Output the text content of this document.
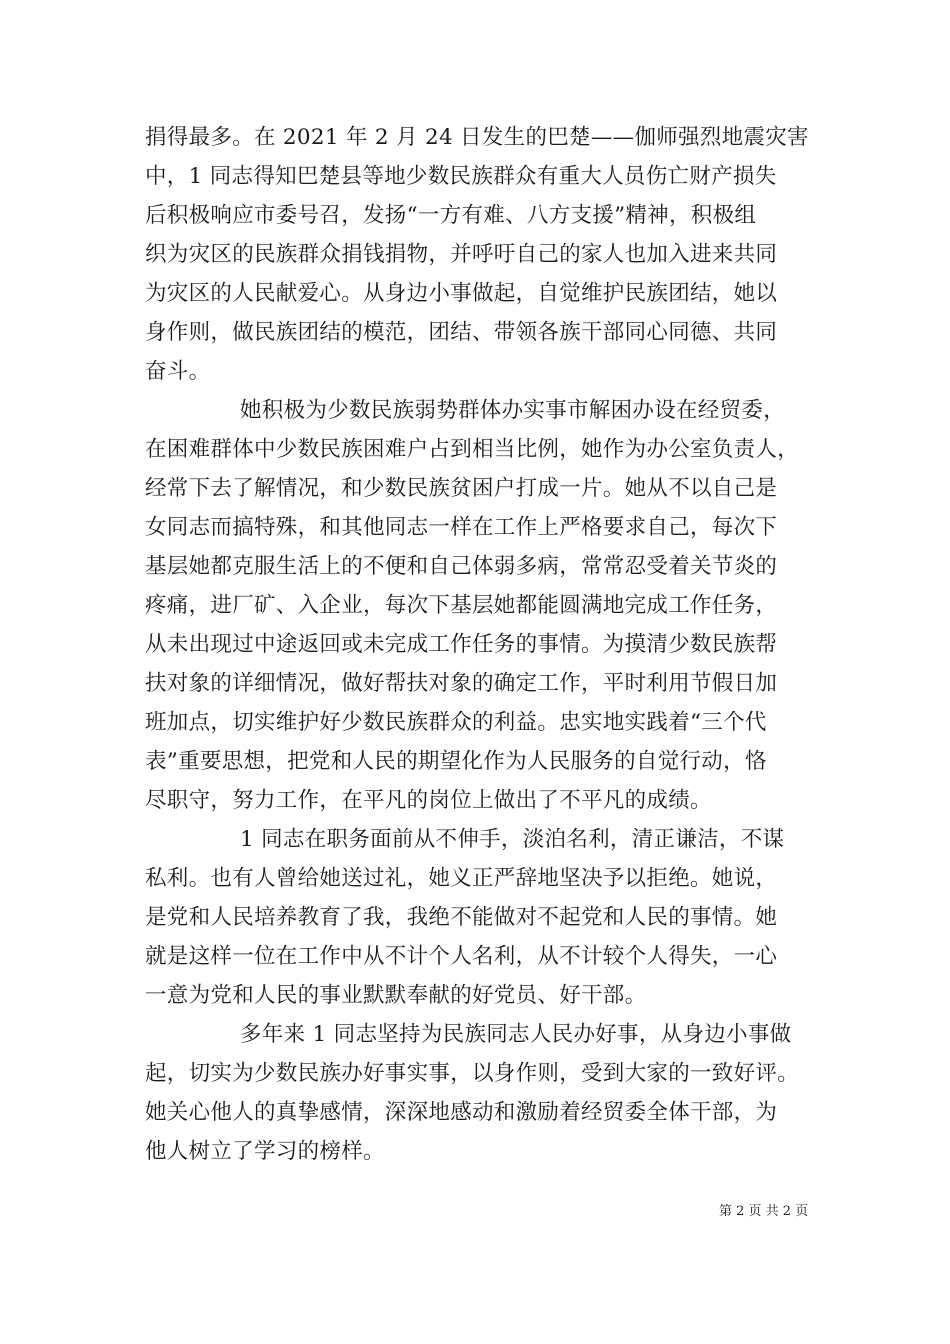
捐得最多。在 2021 年 2 月 24 日发生的巴楚——伽师强烈地震灾害
中，1 同志得知巴楚县等地少数民族群众有重大人员伤亡财产损失
后积极响应市委号召，发扬“一方有难、八方支援”精神，积极组
织为灾区的民族群众捐钱捐物，并呼吁自己的家人也加入进来共同
为灾区的人民献爱心。从身边小事做起，自觉维护民族团结，她以
身作则，做民族团结的模范，团结、带领各族干部同心同德、共同
奋斗。
她积极为少数民族弱势群体办实事市解困办设在经贸委，
在困难群体中少数民族困难户占到相当比例，她作为办公室负责人，
经常下去了解情况，和少数民族贫困户打成一片。她从不以自己是
女同志而搞特殊，和其他同志一样在工作上严格要求自己，每次下
基层她都克服生活上的不便和自己体弱多病，常常忍受着关节炎的
疼痛，进厂矿、入企业，每次下基层她都能圆满地完成工作任务，
从未出现过中途返回或未完成工作任务的事情。为摸清少数民族帮
扶对象的详细情况，做好帮扶对象的确定工作，平时利用节假日加
班加点，切实维护好少数民族群众的利益。忠实地实践着“三个代
表”重要思想，把党和人民的期望化作为人民服务的自觉行动，恪
尽职守，努力工作，在平凡的岗位上做出了不平凡的成绩。
1 同志在职务面前从不伸手，淡泊名利，清正谦洁，不谋
私利。也有人曾给她送过礼，她义正严辞地坚决予以拒绝。她说，
是党和人民培养教育了我，我绝不能做对不起党和人民的事情。她
就是这样一位在工作中从不计个人名利，从不计较个人得失，一心
一意为党和人民的事业默默奉献的好党员、好干部。
多年来 1 同志坚持为民族同志人民办好事，从身边小事做
起，切实为少数民族办好事实事，以身作则，受到大家的一致好评。
她关心他人的真挚感情，深深地感动和激励着经贸委全体干部，为
他人树立了学习的榜样。
第 2 页 共 2 页
